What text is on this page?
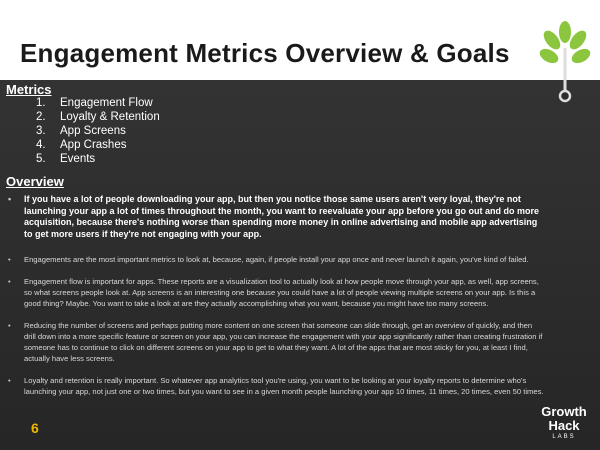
Engagement Metrics Overview & Goals

Metrics

1. Engagement Flow
2. Loyalty & Retention
3. App Screens
4. App Crashes
5. Events

Overview

• If you have a lot of people downloading your app, but then you notice those same users aren't very loyal, they're not launching your app a lot of times throughout the month, you want to reevaluate your app before you go out and do more acquisition, because there's nothing worse than spending more money in online advertising and mobile app advertising to get more users if they're not engaging with your app.
• Engagements are the most important metrics to look at, because, again, if people install your app once and never launch it again, you've kind of failed.
• Engagement flow is important for apps. These reports are a visualization tool to actually look at how people move through your app, as well, app screens, so what screens people look at. App screens is an interesting one because you could have a lot of people viewing multiple screens on your app. Is this a good thing? Maybe. You want to take a look at are they actually accomplishing what you want, because you might have too many screens.
• Reducing the number of screens and perhaps putting more content on one screen that someone can slide through, get an overview of quickly, and then drill down into a more specific feature or screen on your app, you can increase the engagement with your app significantly rather than creating frustration if someone has to continue to click on different screens on your app to get to what they want. A lot of the apps that are most sticky for you, at least I find, actually have less screens.
• Loyalty and retention is really important. So whatever app analytics tool you're using, you want to be looking at your loyalty reports to determine who's launching your app, not just one or two times, but you want to see in a given month people launching your app 10 times, 11 times, 20 times, even 50 times.
6
Growth
Hack
LABS
